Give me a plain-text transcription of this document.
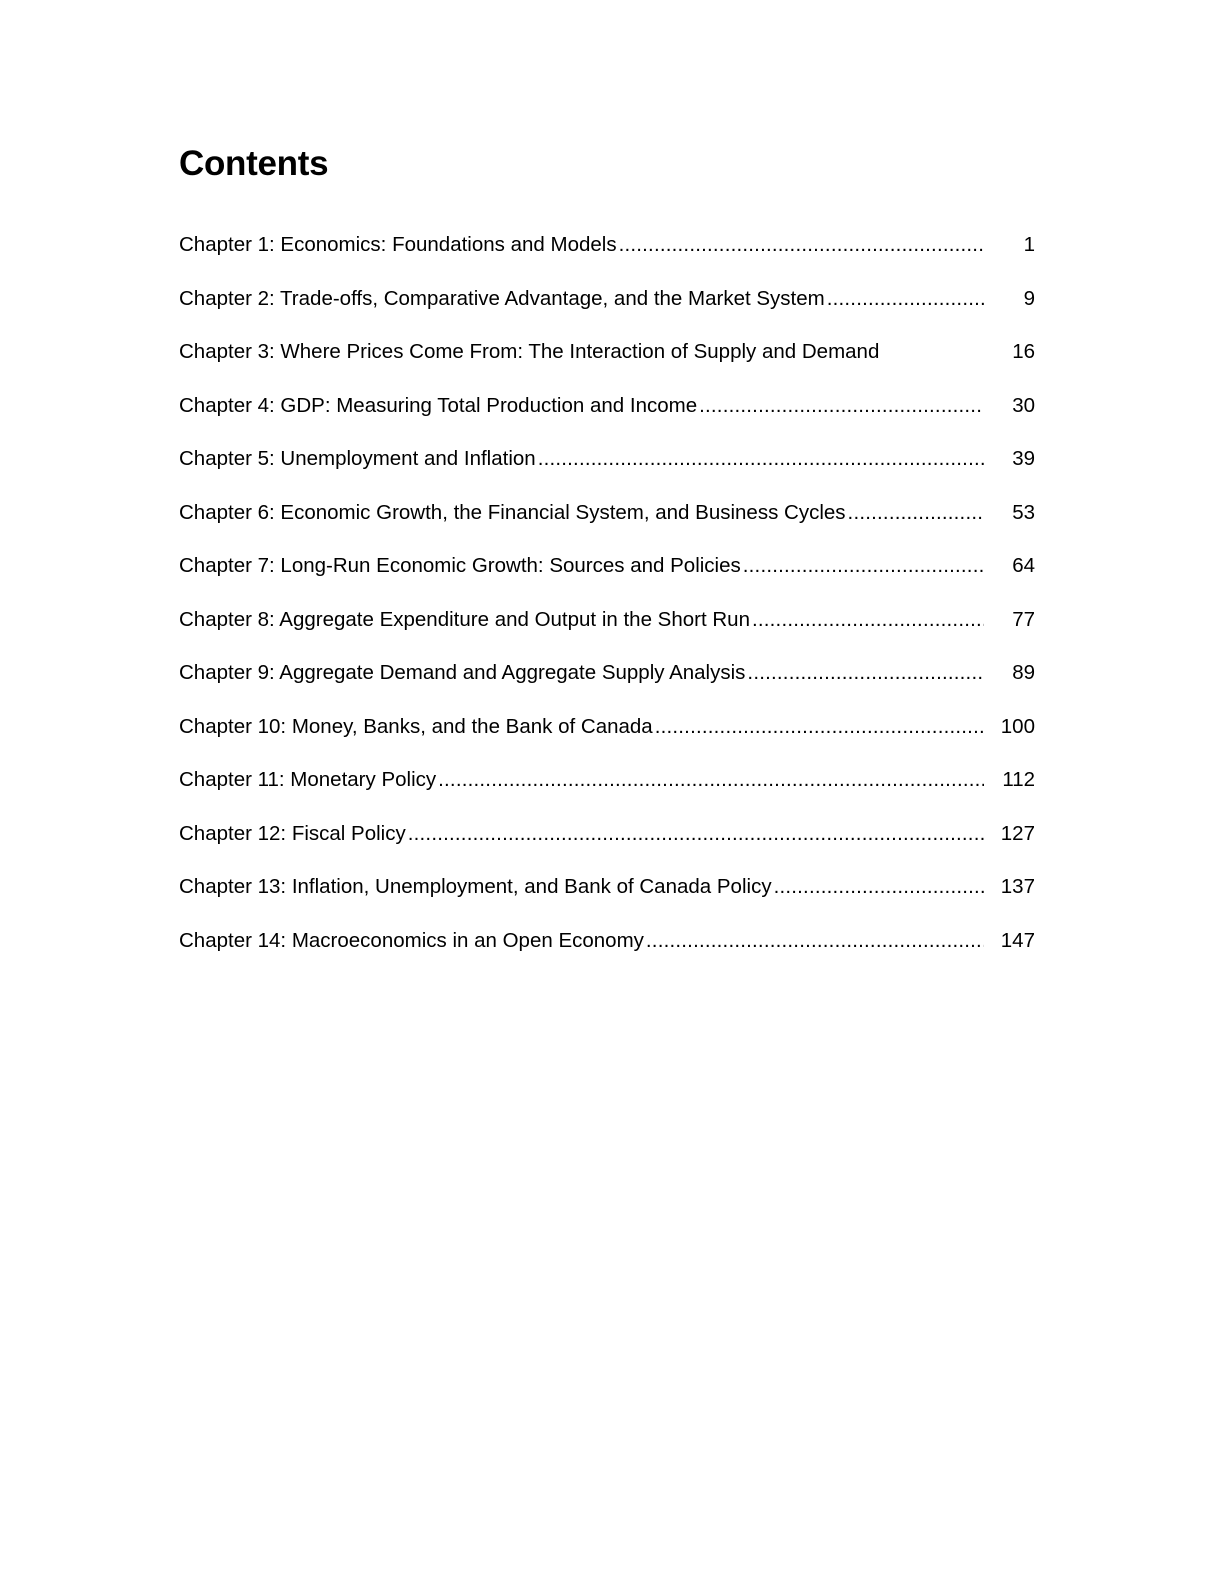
Contents
Chapter 1: Economics: Foundations and Models .....	1
Chapter 2: Trade-offs, Comparative Advantage, and the Market System .....	9
Chapter 3: Where Prices Come From: The Interaction of Supply and Demand	16
Chapter 4: GDP: Measuring Total Production and Income .....	30
Chapter 5: Unemployment and Inflation .....	39
Chapter 6: Economic Growth, the Financial System, and Business Cycles .....	53
Chapter 7: Long-Run Economic Growth: Sources and Policies .....	64
Chapter 8: Aggregate Expenditure and Output in the Short Run .....	77
Chapter 9: Aggregate Demand and Aggregate Supply Analysis .....	89
Chapter 10: Money, Banks, and the Bank of Canada .....	100
Chapter 11: Monetary Policy .....	112
Chapter 12: Fiscal Policy .....	127
Chapter 13: Inflation, Unemployment, and Bank of Canada Policy .....	137
Chapter 14: Macroeconomics in an Open Economy .....	147
